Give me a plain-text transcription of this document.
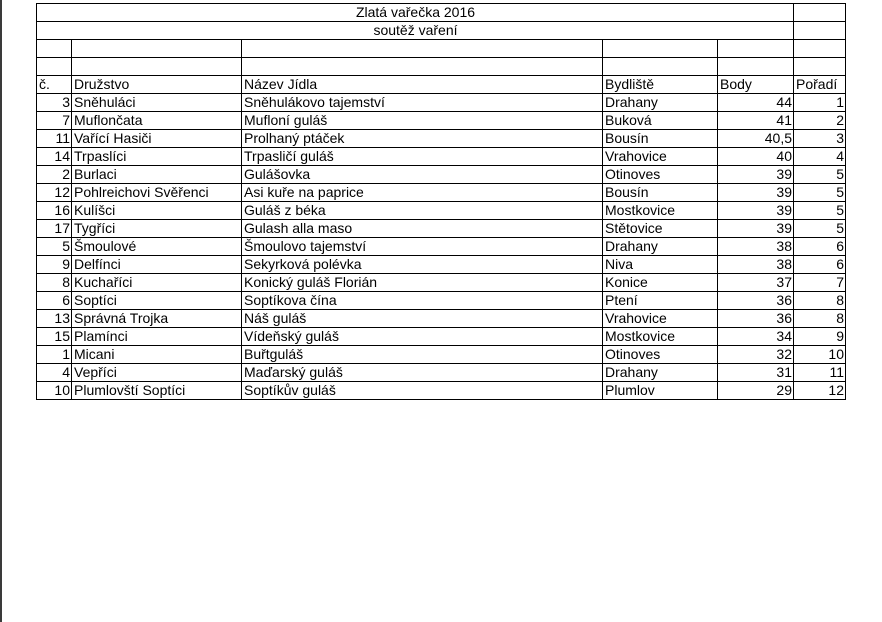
Zlatá vařečka 2016					
soutěž vaření					

č.	Družstvo	Název Jídla	Bydliště	Body	Pořadí
3	Sněhuláci	Sněhulákovo tajemství	Drahany	44	1
7	Muflončata	Mufloní guláš	Buková	41	2
11	Vařící Hasiči	Prolhaný ptáček	Bousín	40,5	3
14	Trpaslíci	Trpasličí guláš	Vrahovice	40	4
2	Burlaci	Gulášovka	Otinoves	39	5
12	Pohlreichovi Svěřenci	Asi kuře na paprice	Bousín	39	5
16	Kulíšci	Guláš z béka	Mostkovice	39	5
17	Tygříci	Gulash alla maso	Stětovice	39	5
5	Šmoulové	Šmoulovo tajemství	Drahany	38	6
9	Delfínci	Sekyrková polévka	Niva	38	6
8	Kuchaříci	Konický guláš Florián	Konice	37	7
6	Soptíci	Soptíkova čína	Ptení	36	8
13	Správná Trojka	Náš guláš	Vrahovice	36	8
15	Plamínci	Vídeňský guláš	Mostkovice	34	9
1	Micani	Buřtguláš	Otinoves	32	10
4	Vepříci	Maďarský guláš	Drahany	31	11
10	Plumlovští Soptíci	Soptíkův guláš	Plumlov	29	12
